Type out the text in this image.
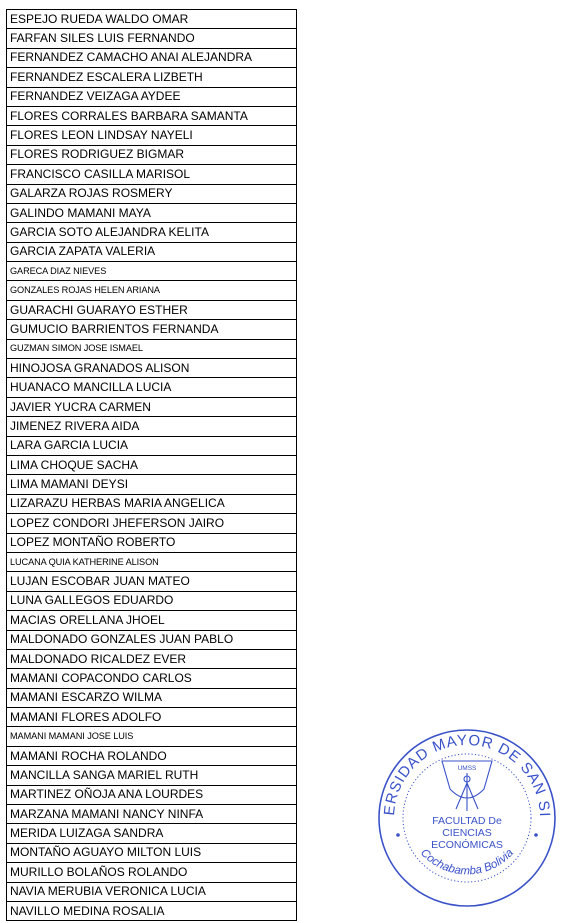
ESPEJO RUEDA WALDO OMAR
FARFAN SILES LUIS FERNANDO
FERNANDEZ CAMACHO ANAI ALEJANDRA
FERNANDEZ ESCALERA LIZBETH
FERNANDEZ VEIZAGA AYDEE
FLORES CORRALES BARBARA SAMANTA
FLORES LEON LINDSAY NAYELI
FLORES RODRIGUEZ BIGMAR
FRANCISCO CASILLA MARISOL
GALARZA ROJAS ROSMERY
GALINDO MAMANI MAYA
GARCIA SOTO ALEJANDRA KELITA
GARCIA ZAPATA VALERIA
GARECA DIAZ NIEVES
GONZALES ROJAS HELEN ARIANA
GUARACHI GUARAYO ESTHER
GUMUCIO BARRIENTOS FERNANDA
GUZMAN SIMON JOSE ISMAEL
HINOJOSA GRANADOS ALISON
HUANACO MANCILLA LUCIA
JAVIER YUCRA CARMEN
JIMENEZ RIVERA AIDA
LARA GARCIA LUCIA
LIMA CHOQUE SACHA
LIMA MAMANI DEYSI
LIZARAZU HERBAS MARIA ANGELICA
LOPEZ CONDORI JHEFERSON JAIRO
LOPEZ MONTAÑO ROBERTO
LUCANA QUIA KATHERINE ALISON
LUJAN ESCOBAR JUAN MATEO
LUNA GALLEGOS EDUARDO
MACIAS ORELLANA JHOEL
MALDONADO GONZALES JUAN PABLO
MALDONADO RICALDEZ EVER
MAMANI COPACONDO CARLOS
MAMANI ESCARZO WILMA
MAMANI FLORES ADOLFO
MAMANI MAMANI JOSE LUIS
MAMANI ROCHA ROLANDO
MANCILLA SANGA MARIEL RUTH
MARTINEZ OÑOJA ANA LOURDES
MARZANA MAMANI NANCY NINFA
MERIDA LUIZAGA SANDRA
MONTAÑO AGUAYO MILTON LUIS
MURILLO BOLAÑOS ROLANDO
NAVIA MERUBIA VERONICA LUCIA
NAVILLO MEDINA ROSALIA
UNIVERSIDAD MAYOR DE SAN SIMON
Cochabamba Bolivia
UMSS
FACULTAD De
CIENCIAS
ECONÓMICAS
